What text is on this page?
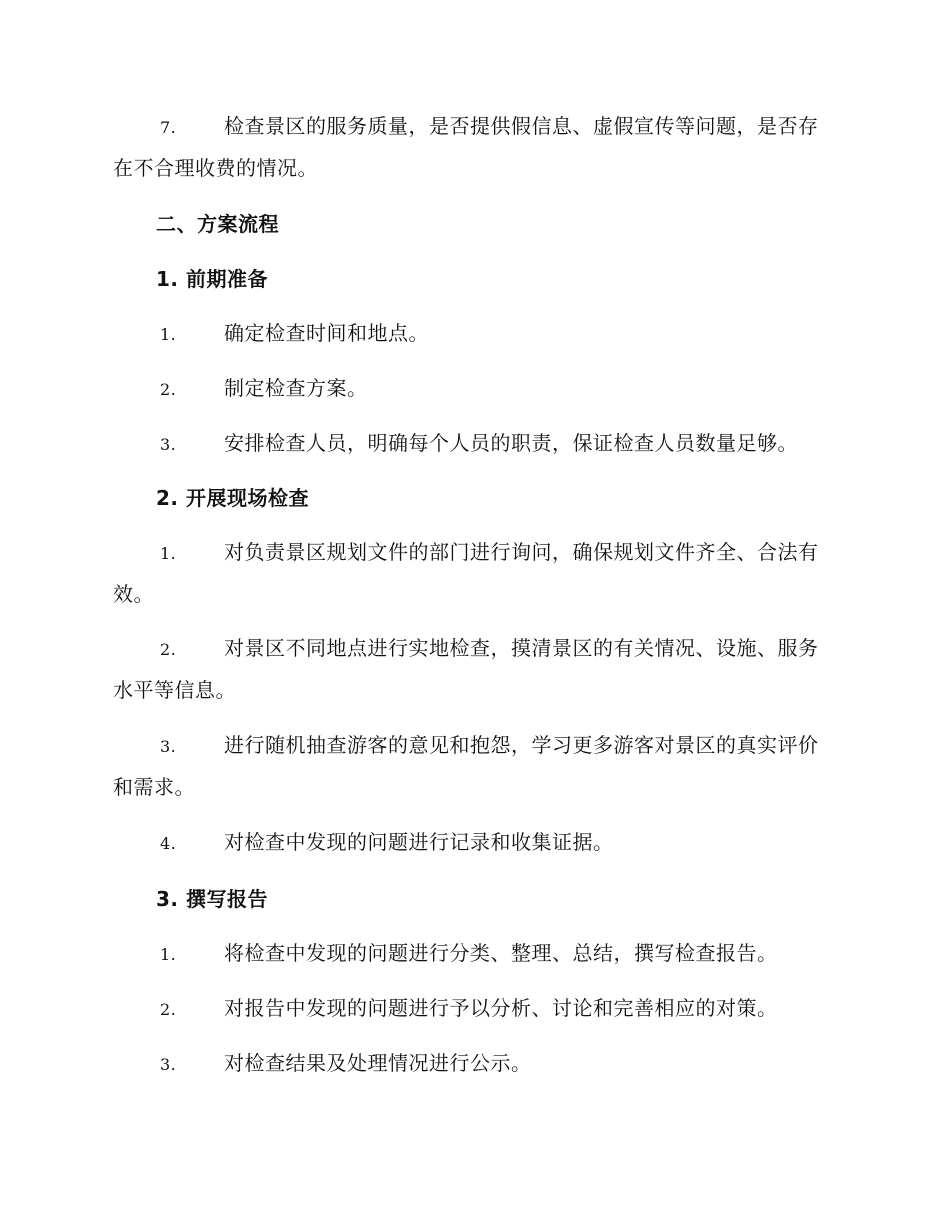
7. 检查景区的服务质量，是否提供假信息、虚假宣传等问题，是否存在不合理收费的情况。

二、方案流程

1. 前期准备

1. 确定检查时间和地点。

2. 制定检查方案。

3. 安排检查人员，明确每个人员的职责，保证检查人员数量足够。

2. 开展现场检查

1. 对负责景区规划文件的部门进行询问，确保规划文件齐全、合法有效。

2. 对景区不同地点进行实地检查，摸清景区的有关情况、设施、服务水平等信息。

3. 进行随机抽查游客的意见和抱怨，学习更多游客对景区的真实评价和需求。

4. 对检查中发现的问题进行记录和收集证据。

3. 撰写报告

1. 将检查中发现的问题进行分类、整理、总结，撰写检查报告。

2. 对报告中发现的问题进行予以分析、讨论和完善相应的对策。

3. 对检查结果及处理情况进行公示。
